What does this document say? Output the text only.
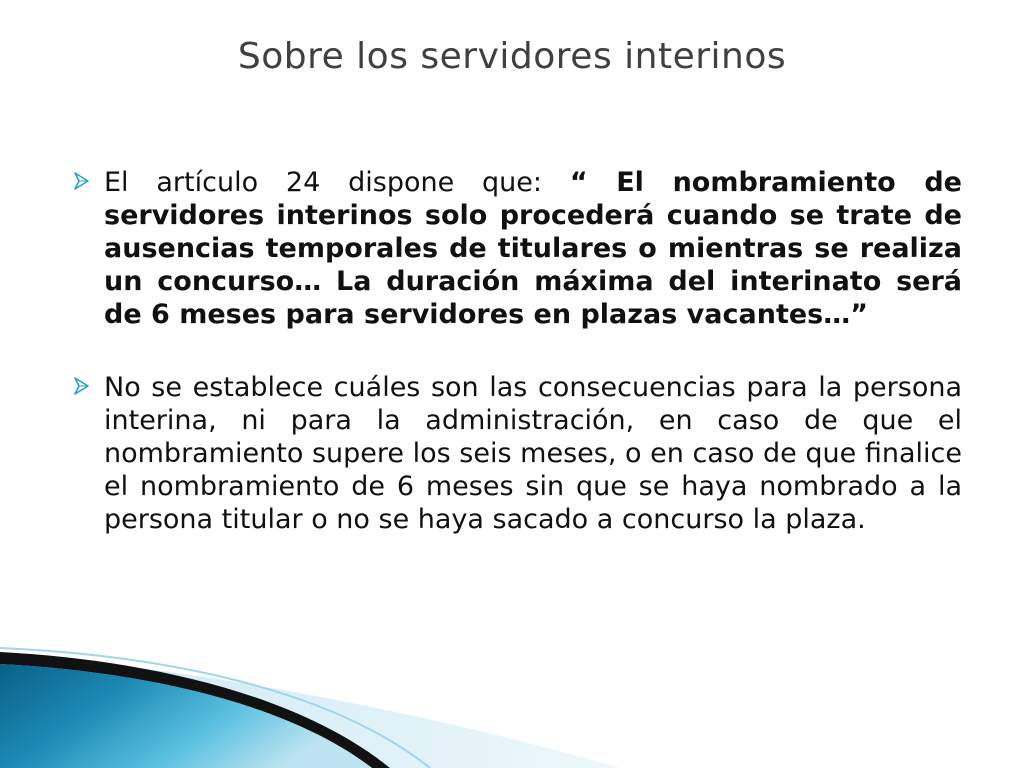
Sobre los servidores interinos

El artículo 24 dispone que: “ El nombramiento de servidores interinos solo procederá cuando se trate de ausencias temporales de titulares o mientras se realiza un concurso… La duración máxima del interinato será de 6 meses para servidores en plazas vacantes…”

No se establece cuáles son las consecuencias para la persona interina, ni para la administración, en caso de que el nombramiento supere los seis meses, o en caso de que finalice el nombramiento de 6 meses sin que se haya nombrado a la persona titular o no se haya sacado a concurso la plaza.
